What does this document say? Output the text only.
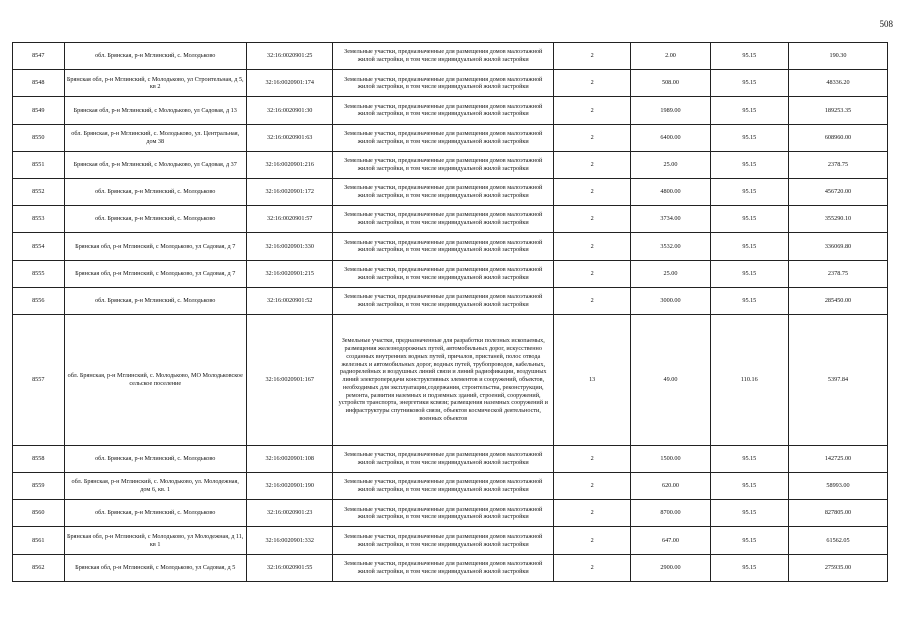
508
8547	обл. Брянская, р-н Мглинский, с. Молодьково	32:16:0020901:25	Земельные участки, предназначенные для размещения домов малоэтажной жилой застройки, в том числе индивидуальной жилой застройки	2	2.00	95.15	190.30
8548	Брянская обл, р-н Мглинский, с Молодьково, ул Строительная, д 5, кв 2	32:16:0020901:174	Земельные участки, предназначенные для размещения домов малоэтажной жилой застройки, в том числе индивидуальной жилой застройки	2	508.00	95.15	48336.20
8549	Брянская обл, р-н Мглинский, с Молодьково, ул Садовая, д 13	32:16:0020901:30	Земельные участки, предназначенные для размещения домов малоэтажной жилой застройки, в том числе индивидуальной жилой застройки	2	1989.00	95.15	189253.35
8550	обл. Брянская, р-н Мглинский, с. Молодьково, ул. Центральная, дом 38	32:16:0020901:63	Земельные участки, предназначенные для размещения домов малоэтажной жилой застройки, в том числе индивидуальной жилой застройки	2	6400.00	95.15	608960.00
8551	Брянская обл, р-н Мглинский, с Молодьково, ул Садовая, д 37	32:16:0020901:216	Земельные участки, предназначенные для размещения домов малоэтажной жилой застройки, в том числе индивидуальной жилой застройки	2	25.00	95.15	2378.75
8552	обл. Брянская, р-н Мглинский, с. Молодьково	32:16:0020901:172	Земельные участки, предназначенные для размещения домов малоэтажной жилой застройки, в том числе индивидуальной жилой застройки	2	4800.00	95.15	456720.00
8553	обл. Брянская, р-н Мглинский, с. Молодьково	32:16:0020901:57	Земельные участки, предназначенные для размещения домов малоэтажной жилой застройки, в том числе индивидуальной жилой застройки	2	3734.00	95.15	355290.10
8554	Брянская обл, р-н Мглинский, с Молодьково, ул Садовая, д 7	32:16:0020901:330	Земельные участки, предназначенные для размещения домов малоэтажной жилой застройки, в том числе индивидуальной жилой застройки	2	3532.00	95.15	336069.80
8555	Брянская обл, р-н Мглинский, с Молодьково, ул Садовая, д 7	32:16:0020901:215	Земельные участки, предназначенные для размещения домов малоэтажной жилой застройки, в том числе индивидуальной жилой застройки	2	25.00	95.15	2378.75
8556	обл. Брянская, р-н Мглинский, с. Молодьково	32:16:0020901:52	Земельные участки, предназначенные для размещения домов малоэтажной жилой застройки, в том числе индивидуальной жилой застройки	2	3000.00	95.15	285450.00
8557	обл. Брянская, р-н Мглинский, с. Молодьково, МО Молодьковское сельское поселение	32:16:0020901:167	Земельные участки, предназначенные для разработки полезных ископаемых, размещения железнодорожных путей, автомобильных дорог, искусственно созданных внутренних водных путей, причалов, пристаней, полос отвода железных и автомобильных дорог, водных путей, трубопроводов, кабельных, радиорелейных и воздушных линий связи и линий радиофикации, воздушных линий электропередачи конструктивных элементов и сооружений, объектов, необходимых для эксплуатации,содержания, строительства, реконструкции, ремонта, развития наземных и подземных зданий, строений, сооружений, устройств транспорта, энергетики ксвязи; размещения наземных сооружений и инфраструктуры спутниковой связи, объектов космической деятельности, военных объектов	13	49.00	110.16	5397.84
8558	обл. Брянская, р-н Мглинский, с. Молодьково	32:16:0020901:108	Земельные участки, предназначенные для размещения домов малоэтажной жилой застройки, в том числе индивидуальной жилой застройки	2	1500.00	95.15	142725.00
8559	обл. Брянская, р-н Мглинский, с. Молодьково, ул. Молодежная, дом 6, кв. 1	32:16:0020901:190	Земельные участки, предназначенные для размещения домов малоэтажной жилой застройки, в том числе индивидуальной жилой застройки	2	620.00	95.15	58993.00
8560	обл. Брянская, р-н Мглинский, с. Молодьково	32:16:0020901:23	Земельные участки, предназначенные для размещения домов малоэтажной жилой застройки, в том числе индивидуальной жилой застройки	2	8700.00	95.15	827805.00
8561	Брянская обл, р-н Мглинский, с Молодьково, ул Молодежная, д 11, кв 1	32:16:0020901:332	Земельные участки, предназначенные для размещения домов малоэтажной жилой застройки, в том числе индивидуальной жилой застройки	2	647.00	95.15	61562.05
8562	Брянская обл, р-н Мглинский, с Молодьково, ул Садовая, д 5	32:16:0020901:55	Земельные участки, предназначенные для размещения домов малоэтажной жилой застройки, в том числе индивидуальной жилой застройки	2	2900.00	95.15	275935.00
